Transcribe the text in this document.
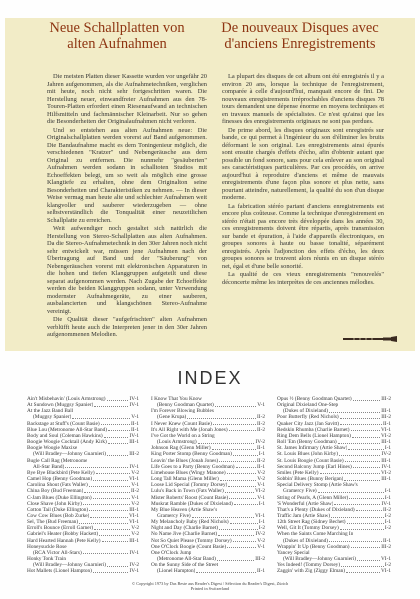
Neue Schallplatten von alten Aufnahmen
De nouveaux Disques avec d'anciens Enregistrements

Die meisten Platten dieser Kassette wurden vor ungefähr 20 Jahren aufgenommen, als die Aufnahmetechniken, verglichen mit heute, noch nicht sehr fortgeschritten waren. Die Herstellung neuer, einwandfreier Aufnahmen aus den 78-Touren-Platten erfordert einen Riesenaufwand an technischen Hilfsmitteln und fachmännischer Kleinarbeit. Nur so gehen die Besonderheiten der Originalaufnahmen nicht verloren.

Und so entstehen aus alten Aufnahmen neue: Die Originalschallplatten werden vorerst auf Band aufgenommen. Die Bandaufnahme macht es dem Toningenieur möglich, die verschiedenen "Kratzer" und Nebengeräusche aus dem Original zu entfernen. Die nunmehr "gesäuberten" Aufnahmen werden sodann in schalltoten Studios mit Echoeffekten belegt, um so weit als möglich eine grosse Klangtiefe zu erhalten, ohne dem Originalton seine Besonderheiten und Charakteristiken zu nehmen. — In dieser Weise vermag man heute alte und schlechter Aufnahmen weit klangvoller und sauberer wiederzugeben — ohne selbstverständlich die Tonqualität einer neuzeitlichen Schallplatte zu erreichen.

Weit aufwendiger noch gestaltet sich natürlich die Herstellung von Stereo-Schallplatten aus alten Aufnahmen. Da die Stereo-Aufnahmetechnik in den 30er Jahren noch nicht sehr entwickelt war, müssen jene Aufnahmen nach der Übertragung auf Band und der "Säuberung" von Nebengeräuschen vorerst mit elektronischen Apparaturen in die hohen und tiefen Klanggruppen aufgeteilt und diese separat aufgenommen werden. Nach Zugabe der Echoeffekte werden die beiden Klanggruppen sodann, unter Verwendung modernster Aufnahmegeräte, zu einer sauberen, ausbalancierten und klangschönen Stereo-Aufnahme vereinigt.

Die Qualität dieser "aufgefrischten" alten Aufnahmen verblüfft heute auch die Interpreten jener in den 30er Jahren aufgenommenen Melodien.

La plupart des disques de cet album ont été enregistrés il y a environ 20 ans, lorsque la technique de l'enregistrement, comparée à celle d'aujourd'hui, manquait encore de fini. De nouveaux enregistrements irréprochables d'anciens disques 78 tours demandent une dépense énorme en moyens techniques et en travaux manuels de spécialistes. Ce n'est qu'ainsi que les finesses des enregistrements originaux ne sont pas perdues.

De prime abord, les disques originaux sont enregistrés sur bande, ce qui permet à l'ingénieur du son d'éliminer les bruits déformant le son original. Les enregistrements ainsi épurés sont ensuite chargés d'effets d'écho, afin d'obtenir autant que possible un fond sonore, sans pour cela enlever au son original ses caractéristiques particulières. Par ces procédés, on arrive aujourd'hui à reproduire d'anciens et même de mauvais enregistrements d'une façon plus sonore et plus nette, sans pourtant atteindre, naturellement, la qualité du son d'un disque moderne.

La fabrication stéréo partant d'anciens enregistrements est encore plus coûteuse. Comme la technique d'enregistrement en stéréo n'était pas encore très développée dans les années 30, ces enregistrements doivent être répartis, après transmission sur bande et épuration, à l'aide d'appareils électroniques, en groupes sonores à haute ou basse tonalité, séparément enregistrés. Après l'adjonction des effets d'écho, les deux groupes sonores se trouvent alors réunis en un disque stéréo net, égal et d'une belle sonorité.

La qualité de ces vieux enregistrements "renouvelés" déconcerte même les interprètes de ces anciennes mélodies.

INDEX
Ain't Misbehavin' (Louis Armstrong)	IV-1
At Sundown (Muggsy Spanier)	IV-1
At the Jazz Band Ball
(Muggsy Spanier)	V-1
Backstage at Stuff's (Count Basie)	II-1
Blue Lou (Metronome All-Star Band)	II-1
Body and Soul (Coleman Hawkins)	IV-1
Boogie Woogie Cocktail (Andy Kirk)	III-1
Boogie Woogie Maxixe
(Will Bradley—Johnny Guarnieri)	III-2
Bugle Call Rag (Metronome
All-Star Band)	IV-1
Bye Bye Blackbird (Pete Kelly)	V-2
Camel Hop (Benny Goodman)	VI-1
Carolina Shout (Fats Waller)	V-1
China Boy (Bud Freeman)	II-2
C-Jam Blues (Duke Ellington)	V-1
Close Shave (John Kirby)	V-2
Cotton Tail (Duke Ellington)	III-1
Cow Cow Blues (Bob Zurke)	VI-1
Sel, The (Bud Freeman)	VI-1
Erroll's Bounce (Erroll Garner)	V-2
Gabriel's Heater (Bobby Hackett)	V-2
Hard Hearted Hannah (Pete Kelly)	III-1
Honeysuckle Rose
(RCA Victor All-Stars)	IV-1
Honky Tonk Train
(Will Bradley—Johnny Guarnieri)	IV-2
Hot Mallets (Lionel Hampton)	IV-1
I Know That You Know
(Benny Goodman Quartet)	V-1
I'm Forever Blowing Bubbles
(Gene Krupa)	II-2
I Never Knew (Count Basie)	II-2
It's All Right with Me (Jonah Jones)	II-2
I've Got the World on a String
(Louis Armstrong)	IV-2
Johnson Rag (Glenn Miller)	II-1
King Porter Stomp (Benny Goodman)	I-1
Leavin' the Blues (Jonah Jones)	II-2
Life Goes to a Party (Benny Goodman)	II-1
Limehouse Blues (Wingy Manone)	V-2
Long Tall Mama (Glenn Miller)	V-2
Loose Lid Special (Tommy Dorsey)	V-1
Lulu's Back in Town (Fats Waller)	VI-2
Mister Roberts' Roost (Count Basie)	V-1
Muskrat Ramble (Dukes of Dixieland)	I-1
My Blue Heaven (Artie Shaw's
Gramercy Five)	VI-1
My Melancholy Baby (Red Nichols)	I-1
Night and Day (Charlie Barnet)	I-2
No Name Jive (Charlie Barnet)	IV-2
Not So Quiet Please (Tommy Dorsey)	V-2
One O'Clock Boogie (Count Basie)	V-1
One O'Clock Jump
(Metronome All-Star Band)	III-2
On the Sunny Side of the Street
(Lionel Hampton)	II-1
Opus ½ (Benny Goodman Quartet)	III-2
Original Dixieland One-Step
(Dukes of Dixieland)	III-1
Poor Butterfly (Red Nichols)	III-2
Quaker City Jazz (Jan Savitt)	II-1
Redskin Rhumba (Charlie Barnet)	VI-1
Ring Dem Bells (Lionel Hampton)	VI-2
Roll 'Em (Benny Goodman)	III-1
St. James Infirmary (Artie Shaw)	I-1
St. Louis Blues (John Kirby)	IV-2
St. Louis Boogie (Count Basie)	III-1
Second Balcony Jump (Earl Hines)	IV-1
Smiles (Pete Kelly)	VI-2
Sobbin' Blues (Bunny Berigan)	III-1
Special Delivery Stomp (Artie Shaw's
Gramercy Five)	I-1
String of Pearls, A (Glenn Miller)	I-1
'S Wonderful (Artie Shaw)	IV-1
That's a Plenty (Dukes of Dixieland)	II-2
Traffic Jam (Artie Shaw)	I-2
12th Street Rag (Sidney Bechet)	I-1
Well, Git It (Tommy Dorsey)	I-2
When the Saints Come Marching In
(Dukes of Dixieland)	II-1
Wrappin' It Up (Benny Goodman)	III-2
Yancey Special
(Will Bradley—Johnny Guarnieri)	VI-1
Yes Indeed! (Tommy Dorsey)	I-2
Zaggin' with Zig (Ziggy Elman)	VI-1
© Copyright 1973 by Das Beste aus Reader's Digest / Sélection du Reader's Digest, Zürich
Printed in Switzerland
